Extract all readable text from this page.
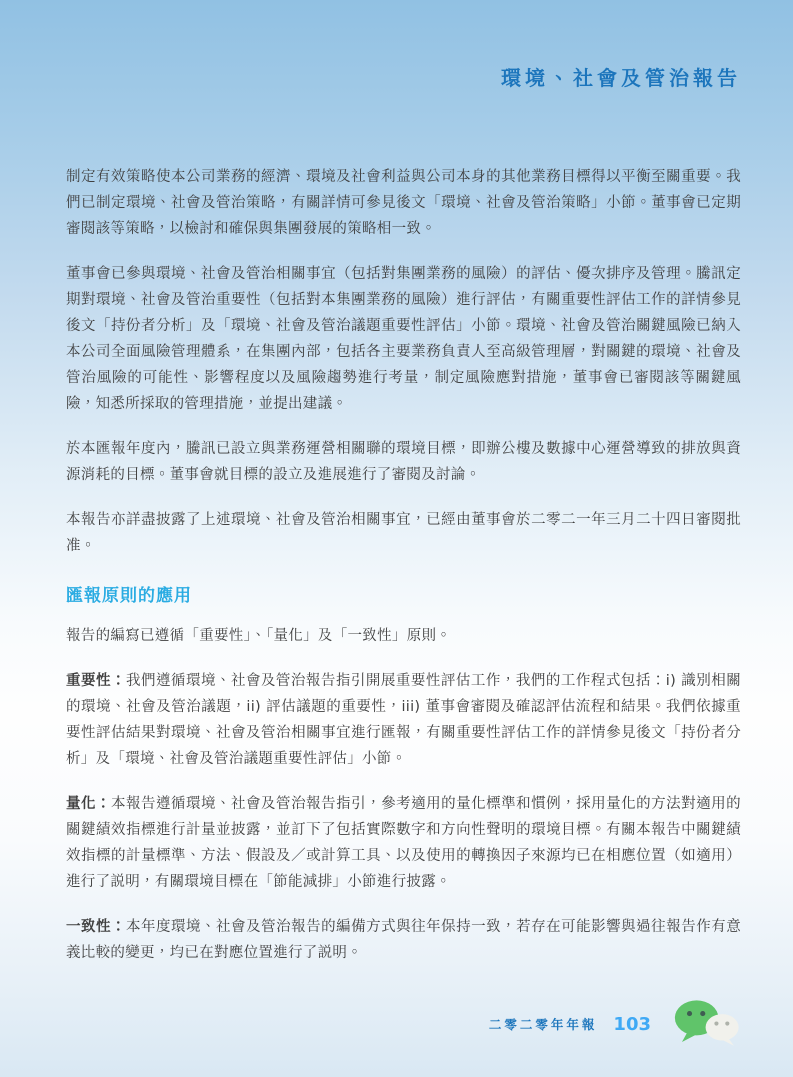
環境、社會及管治報告

制定有效策略使本公司業務的經濟、環境及社會利益與公司本身的其他業務目標得以平衡至關重要。我們已制定環境、社會及管治策略，有關詳情可參見後文「環境、社會及管治策略」小節。董事會已定期審閱該等策略，以檢討和確保與集團發展的策略相一致。

董事會已參與環境、社會及管治相關事宜（包括對集團業務的風險）的評估、優次排序及管理。騰訊定期對環境、社會及管治重要性（包括對本集團業務的風險）進行評估，有關重要性評估工作的詳情參見後文「持份者分析」及「環境、社會及管治議題重要性評估」小節。環境、社會及管治關鍵風險已納入本公司全面風險管理體系，在集團內部，包括各主要業務負責人至高級管理層，對關鍵的環境、社會及管治風險的可能性、影響程度以及風險趨勢進行考量，制定風險應對措施，董事會已審閱該等關鍵風險，知悉所採取的管理措施，並提出建議。

於本匯報年度內，騰訊已設立與業務運營相關聯的環境目標，即辦公樓及數據中心運營導致的排放與資源消耗的目標。董事會就目標的設立及進展進行了審閱及討論。

本報告亦詳盡披露了上述環境、社會及管治相關事宜，已經由董事會於二零二一年三月二十四日審閱批准。

匯報原則的應用

報告的編寫已遵循「重要性」、「量化」及「一致性」原則。

重要性：我們遵循環境、社會及管治報告指引開展重要性評估工作，我們的工作程式包括：i) 識別相關的環境、社會及管治議題，ii) 評估議題的重要性，iii) 董事會審閱及確認評估流程和結果。我們依據重要性評估結果對環境、社會及管治相關事宜進行匯報，有關重要性評估工作的詳情參見後文「持份者分析」及「環境、社會及管治議題重要性評估」小節。

量化：本報告遵循環境、社會及管治報告指引，參考適用的量化標準和慣例，採用量化的方法對適用的關鍵績效指標進行計量並披露，並訂下了包括實際數字和方向性聲明的環境目標。有關本報告中關鍵績效指標的計量標準、方法、假設及／或計算工具、以及使用的轉換因子來源均已在相應位置（如適用）進行了説明，有關環境目標在「節能減排」小節進行披露。

一致性：本年度環境、社會及管治報告的編備方式與往年保持一致，若存在可能影響與過往報告作有意義比較的變更，均已在對應位置進行了説明。

二零二零年年報 103
